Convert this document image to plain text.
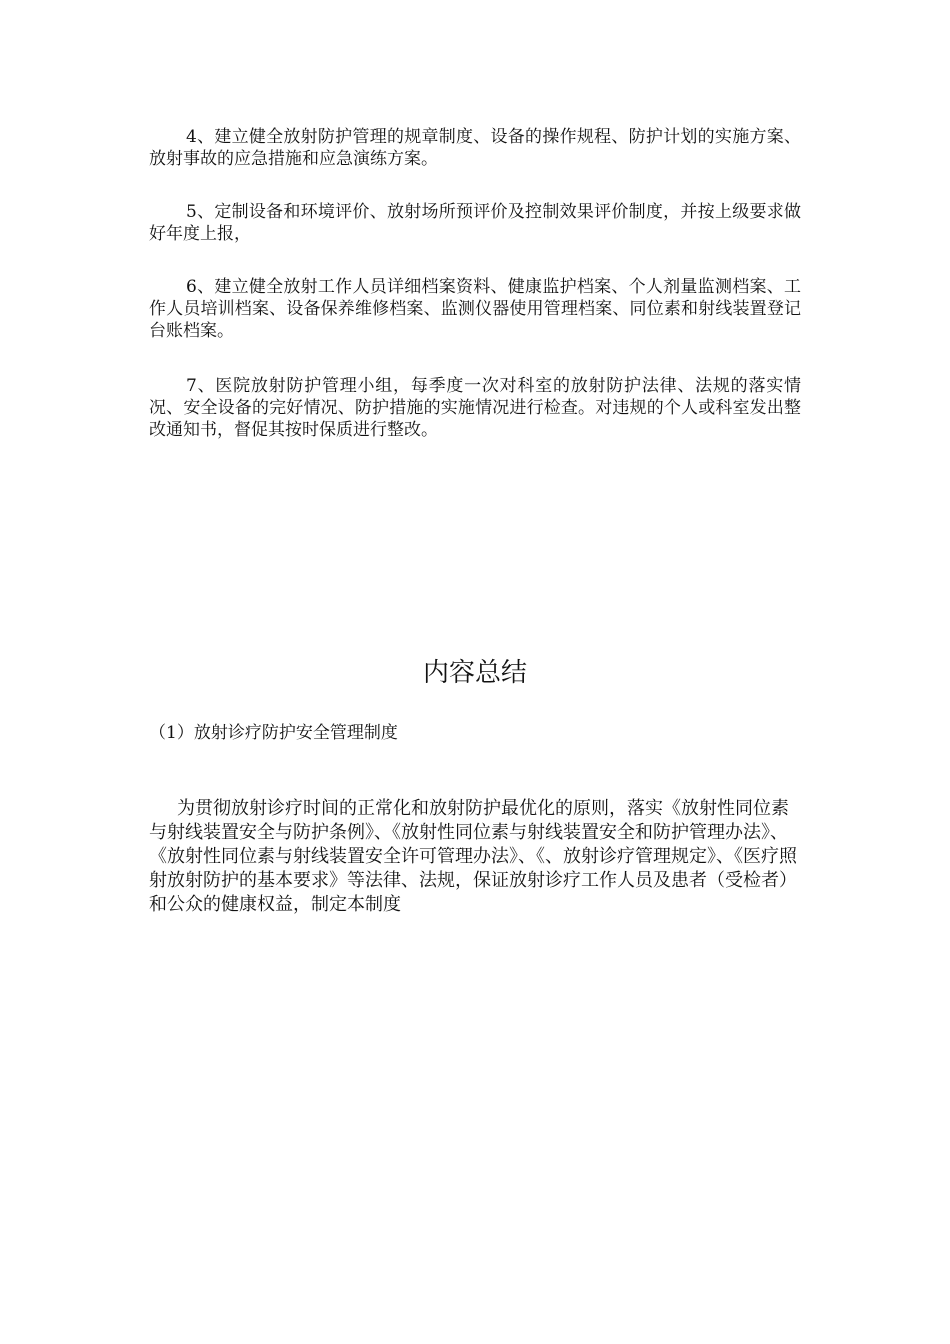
4、建立健全放射防护管理的规章制度、设备的操作规程、防护计划的实施方案、放射事故的应急措施和应急演练方案。

5、定制设备和环境评价、放射场所预评价及控制效果评价制度，并按上级要求做好年度上报，

6、建立健全放射工作人员详细档案资料、健康监护档案、个人剂量监测档案、工作人员培训档案、设备保养维修档案、监测仪器使用管理档案、同位素和射线装置登记台账档案。

7、医院放射防护管理小组，每季度一次对科室的放射防护法律、法规的落实情况、安全设备的完好情况、防护措施的实施情况进行检查。对违规的个人或科室发出整改通知书，督促其按时保质进行整改。

内容总结

（1）放射诊疗防护安全管理制度

为贯彻放射诊疗时间的正常化和放射防护最优化的原则，落实《放射性同位素与射线装置安全与防护条例》、《放射性同位素与射线装置安全和防护管理办法》、《放射性同位素与射线装置安全许可管理办法》、《、放射诊疗管理规定》、《医疗照射放射防护的基本要求》等法律、法规，保证放射诊疗工作人员及患者（受检者）和公众的健康权益，制定本制度
